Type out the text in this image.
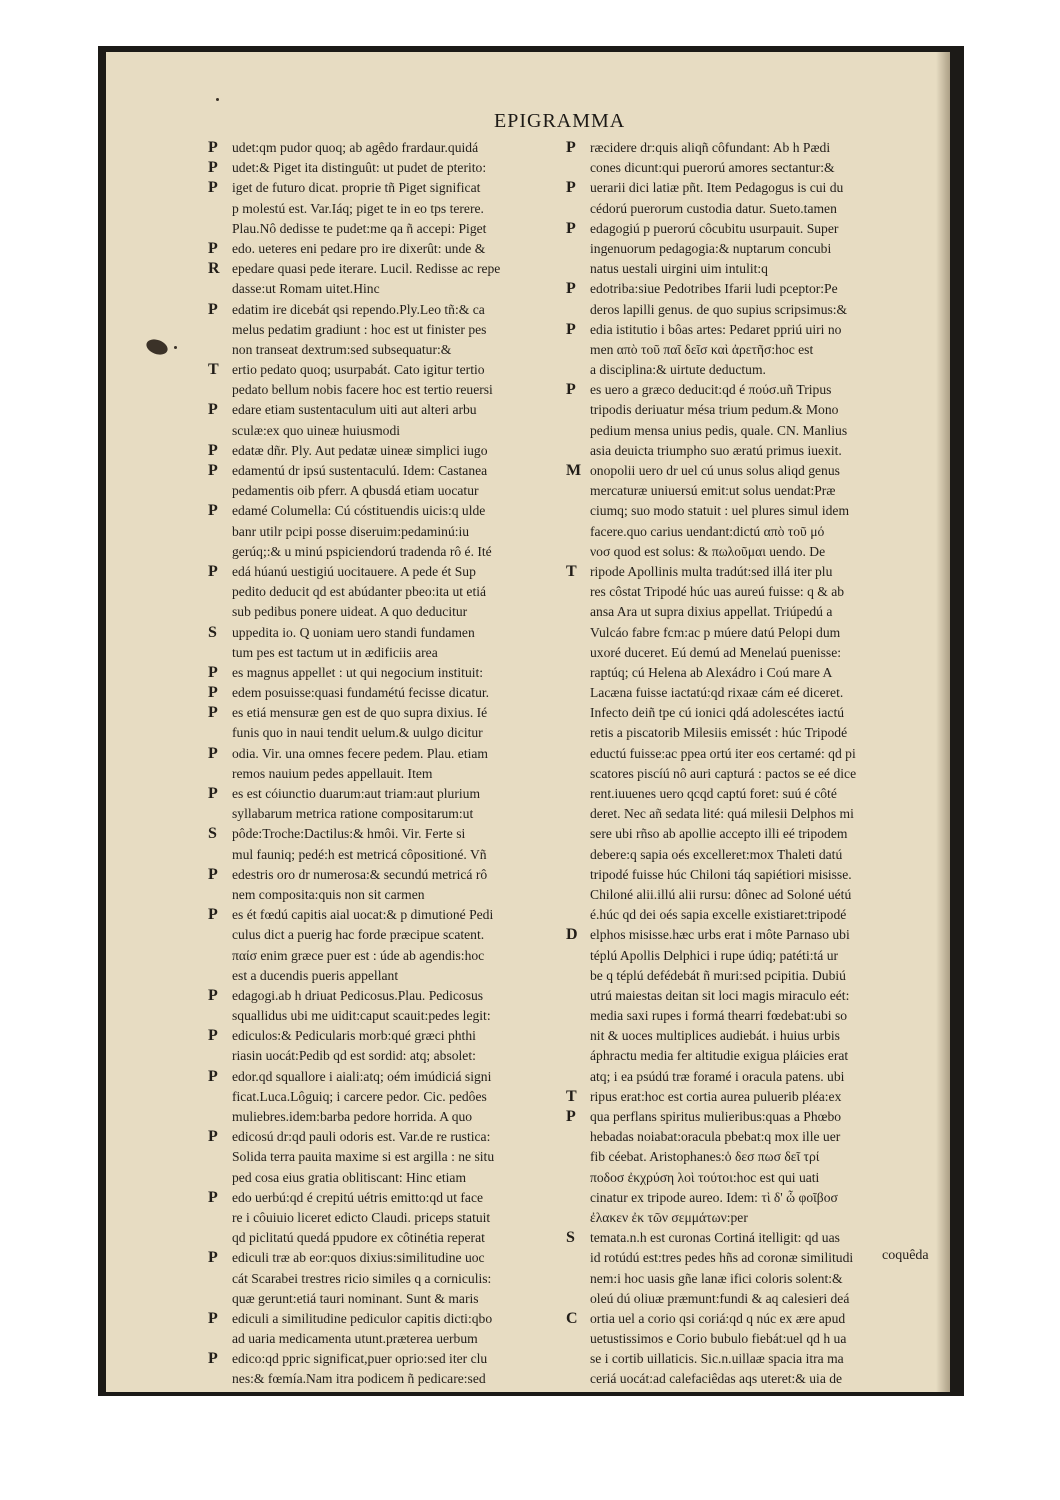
EPIGRAMMA
P	udet:qm pudor quoq; ab agêdo frardaur.quidá
P	udet:& Piget ita distinguût: ut pudet de pterito:
P	iget de futuro dicat. proprie tñ Piget significat
p molestú est. Var.Iáq; piget te in eo tps terere.
Plau.Nô dedisse te pudet:me qa ñ accepi: Piget
P	edo. ueteres eni pedare pro ire dixerût: unde &
R epedare quasi pede iterare. Lucil. Redisse ac repe
dasse:ut Romam uitet.Hinc
P	edatim ire dicebát qsi rependo.Ply.Leo tñ:& ca
melus pedatim gradiunt : hoc est ut finister pes
non transeat dextrum:sed subsequatur:&
T ertio pedato quoq; usurpabát. Cato igitur tertio
pedato bellum nobis facere hoc est tertio reuersi
P	edare etiam sustentaculum uiti aut alteri arbu
sculæ:ex quo uineæ huiusmodi
P	edatæ dñr. Ply. Aut pedatæ uineæ simplici iugo
P	edamentú dr ipsú sustentaculú. Idem: Castanea
pedamentis oib pferr. A qbusdá etiam uocatur
P	edamé Columella: Cú cóstituendis uicis:q ulde
banr utilr pcipi posse diseruim:pedaminú:iu
gerúq;:& u minú pspiciendorú tradenda rô é. Ité
P	edá húanú uestigiú uocitauere. A pede ét Sup
pedito deducit qd est abúdanter pbeo:ita ut etiá
sub pedibus ponere uideat. A quo deducitur
S	uppedita io. Q uoniam uero standi fundamen
tum pes est tactum ut in ædificiis area
P	es magnus appellet : ut qui negocium instituit:
P	edem posuisse:quasi fundamétú fecisse dicatur.
P	es etiá mensuræ gen est de quo supra dixius. Ié
funis quo in naui tendit uelum.& uulgo dicitur
P	odia. Vir. una omnes fecere pedem. Plau. etiam
remos nauium pedes appellauit. Item
P	es est cóiunctio duarum:aut triam:aut plurium
syllabarum metrica ratione compositarum:ut
S	pôde:Troche:Dactilus:& hmôi. Vir. Ferte si
mul fauniq; pedé:h est metricá côpositioné. Vñ
P	edestris oro dr numerosa:& secundú metricá rô
nem composita:quis non sit carmen
P	es ét fœdú capitis aial uocat:& p dimutioné Pedi
culus dict a puerig hac forde præcipue scatent.
παίσ enim græce puer est : úde ab agendis:hoc
est a ducendis pueris appellant
P	edagogi.ab h driuat Pedicosus.Plau. Pedicosus
squallidus ubi me uidit:caput scauit:pedes legit:
P	ediculos:& Pedicularis morb:qué græci phthi
riasin uocát:Pedib qd est sordid: atq; absolet:
P	edor.qd squallore i aiali:atq; oém imúdiciá signi
ficat.Luca.Lôguiq; i carcere pedor. Cic. pedôes
muliebres.idem:barba pedore horrida. A quo
P	edicosú dr:qd pauli odoris est. Var.de re rustica:
Solida terra pauita maxime si est argilla : ne situ
ped cosa eius gratia oblitiscant: Hinc etiam
P	edo uerbú:qd é crepitú uétris emitto:qd ut face
re i côuiuio liceret edicto Claudi. priceps statuit
qd piclitatú quedá ppudore ex côtinétia reperat
P	ediculi træ ab eor:quos dixius:similitudine uoc
cát Scarabei trestres ricio similes q a corniculis:
quæ gerunt:etiá tauri nominant. Sunt & maris
P	ediculi a similitudine pediculor capitis dicti:qbo
ad uaria medicamenta utunt.præterea uerbum
P	edico:qd ppric significat,puer oprio:sed iter clu
nes:& fœmía.Nam itra podicem ñ pedicare:sed
P	ræcidere dr:quis aliqñ côfundant: Ab h Pædi
cones dicunt:qui puerorú amores sectantur:&
P	uerarii dici latiæ pñt. Item Pedagogus is cui du
cédorú puerorum custodia datur. Sueto.tamen
P	edagogiú p puerorú côcubitu usurpauit. Super
ingenuorum pedagogia:& nuptarum concubi
natus uestali uirgini uim intulit:q
P	edotriba:siue Pedotribes Ifarii ludi pceptor:Pe
deros lapilli genus. de quo supius scripsimus:&
P	edia istitutio i bôas artes: Pedaret ppriú uiri no
men απὸ τοῦ παῖ δεῖσ καὶ ἀρετῆσ:hoc est
a disciplina:& uirtute deductum.
P	es uero a græco deducit:qd é πούσ.uñ Tripus
tripodis deriuatur mésa trium pedum.& Mono
pedium mensa unius pedis, quale. CN. Manlius
asia deuicta triumpho suo æratú primus iuexit.
M onopolii uero dr uel cú unus solus aliqd genus
mercaturæ uniuersú emit:ut solus uendat:Præ
ciumq; suo modo statuit : uel plures simul idem
facere.quo carius uendant:dictú απὸ τοῦ μό
νοσ quod est solus: & πωλοῦμαι uendo. De
T ripode Apollinis multa tradút:sed illá iter plu
res côstat Tripodé húc uas aureú fuisse: q & ab
ansa Ara ut supra dixius appellat. Triúpedú a
Vulcáo fabre fcm:ac p múere datú Pelopi dum
uxoré duceret. Eú demú ad Menelaú puenisse:
raptúq; cú Helena ab Alexádro i Coú mare A
Lacæna fuisse iactatú:qd rixaæ cám eé diceret.
Infecto deiñ tpe cú ionici qdá adolescétes iactú
retis a piscatorib Milesiis emissét : húc Tripodé
eductú fuisse:ac ppea ortú iter eos certamé: qd pi
scatores piscíú nô auri capturá : pactos se eé dice
rent.iuuenes uero qcqd captú foret: suú é côté
deret. Nec añ sedata lité: quá milesii Delphos mi
sere ubi rñso ab apollie accepto illi eé tripodem
debere:q sapia oés excelleret:mox Thaleti datú
tripodé fuisse húc Chiloni táq sapiétiori misisse.
Chiloné alii.illú alii rursu: dônec ad Soloné uétú
é.húc qd dei oés sapia excelle existiaret:tripodé
D elphos misisse.hæc urbs erat i môte Parnaso ubi
téplú Apollis Delphici i rupe údiq; patéti:tá ur
be q téplú defédebát ñ muri:sed pcipitia. Dubiú
utrú maiestas deitan sit loci magis miraculo eét:
media saxi rupes i formá thearri fœdebat:ubi so
nit & uoces multiplices audiebát. i huius urbis
áphractu media fer altitudie exigua pláicies erat
atq; i ea psúdú træ foramé i oracula patens. ubi
T ripus erat:hoc est cortia aurea puluerib pléa:ex
P	qua perflans spiritus mulieribus:quas a Phœbo
hebadas noiabat:oracula pbebat:q mox ille uer
fib céebat. Aristophanes:ὁ δεσ πωσ δεῖ τρί
ποδοσ ἐκχρύση λοὶ τούτοι:hoc est qui uati
cinatur ex tripode aureo. Idem: τὶ δ' ὦ φοῖβοσ
ἐλακεν ἐκ τῶν σεμμάτων:per
S	temata.n.h est curonas Cortiná itelligit: qd uas
id rotúdú est:tres pedes hñs ad coronæ similitudi
nem:i hoc uasis gñe lanæ ifici coloris solent:&
oleú dú oliuæ præmunt:fundi & aq calesieri deá
C ortia uel a corio qsi coriá:qd q núc ex ære apud
uetustissimos e Corio bubulo fiebát:uel qd h ua
se i cortib uillaticis. Sic.n.uillaæ spacia itra ma
ceriá uocát:ad calefaciêdas aqs uteret:& uia de
coquêda
